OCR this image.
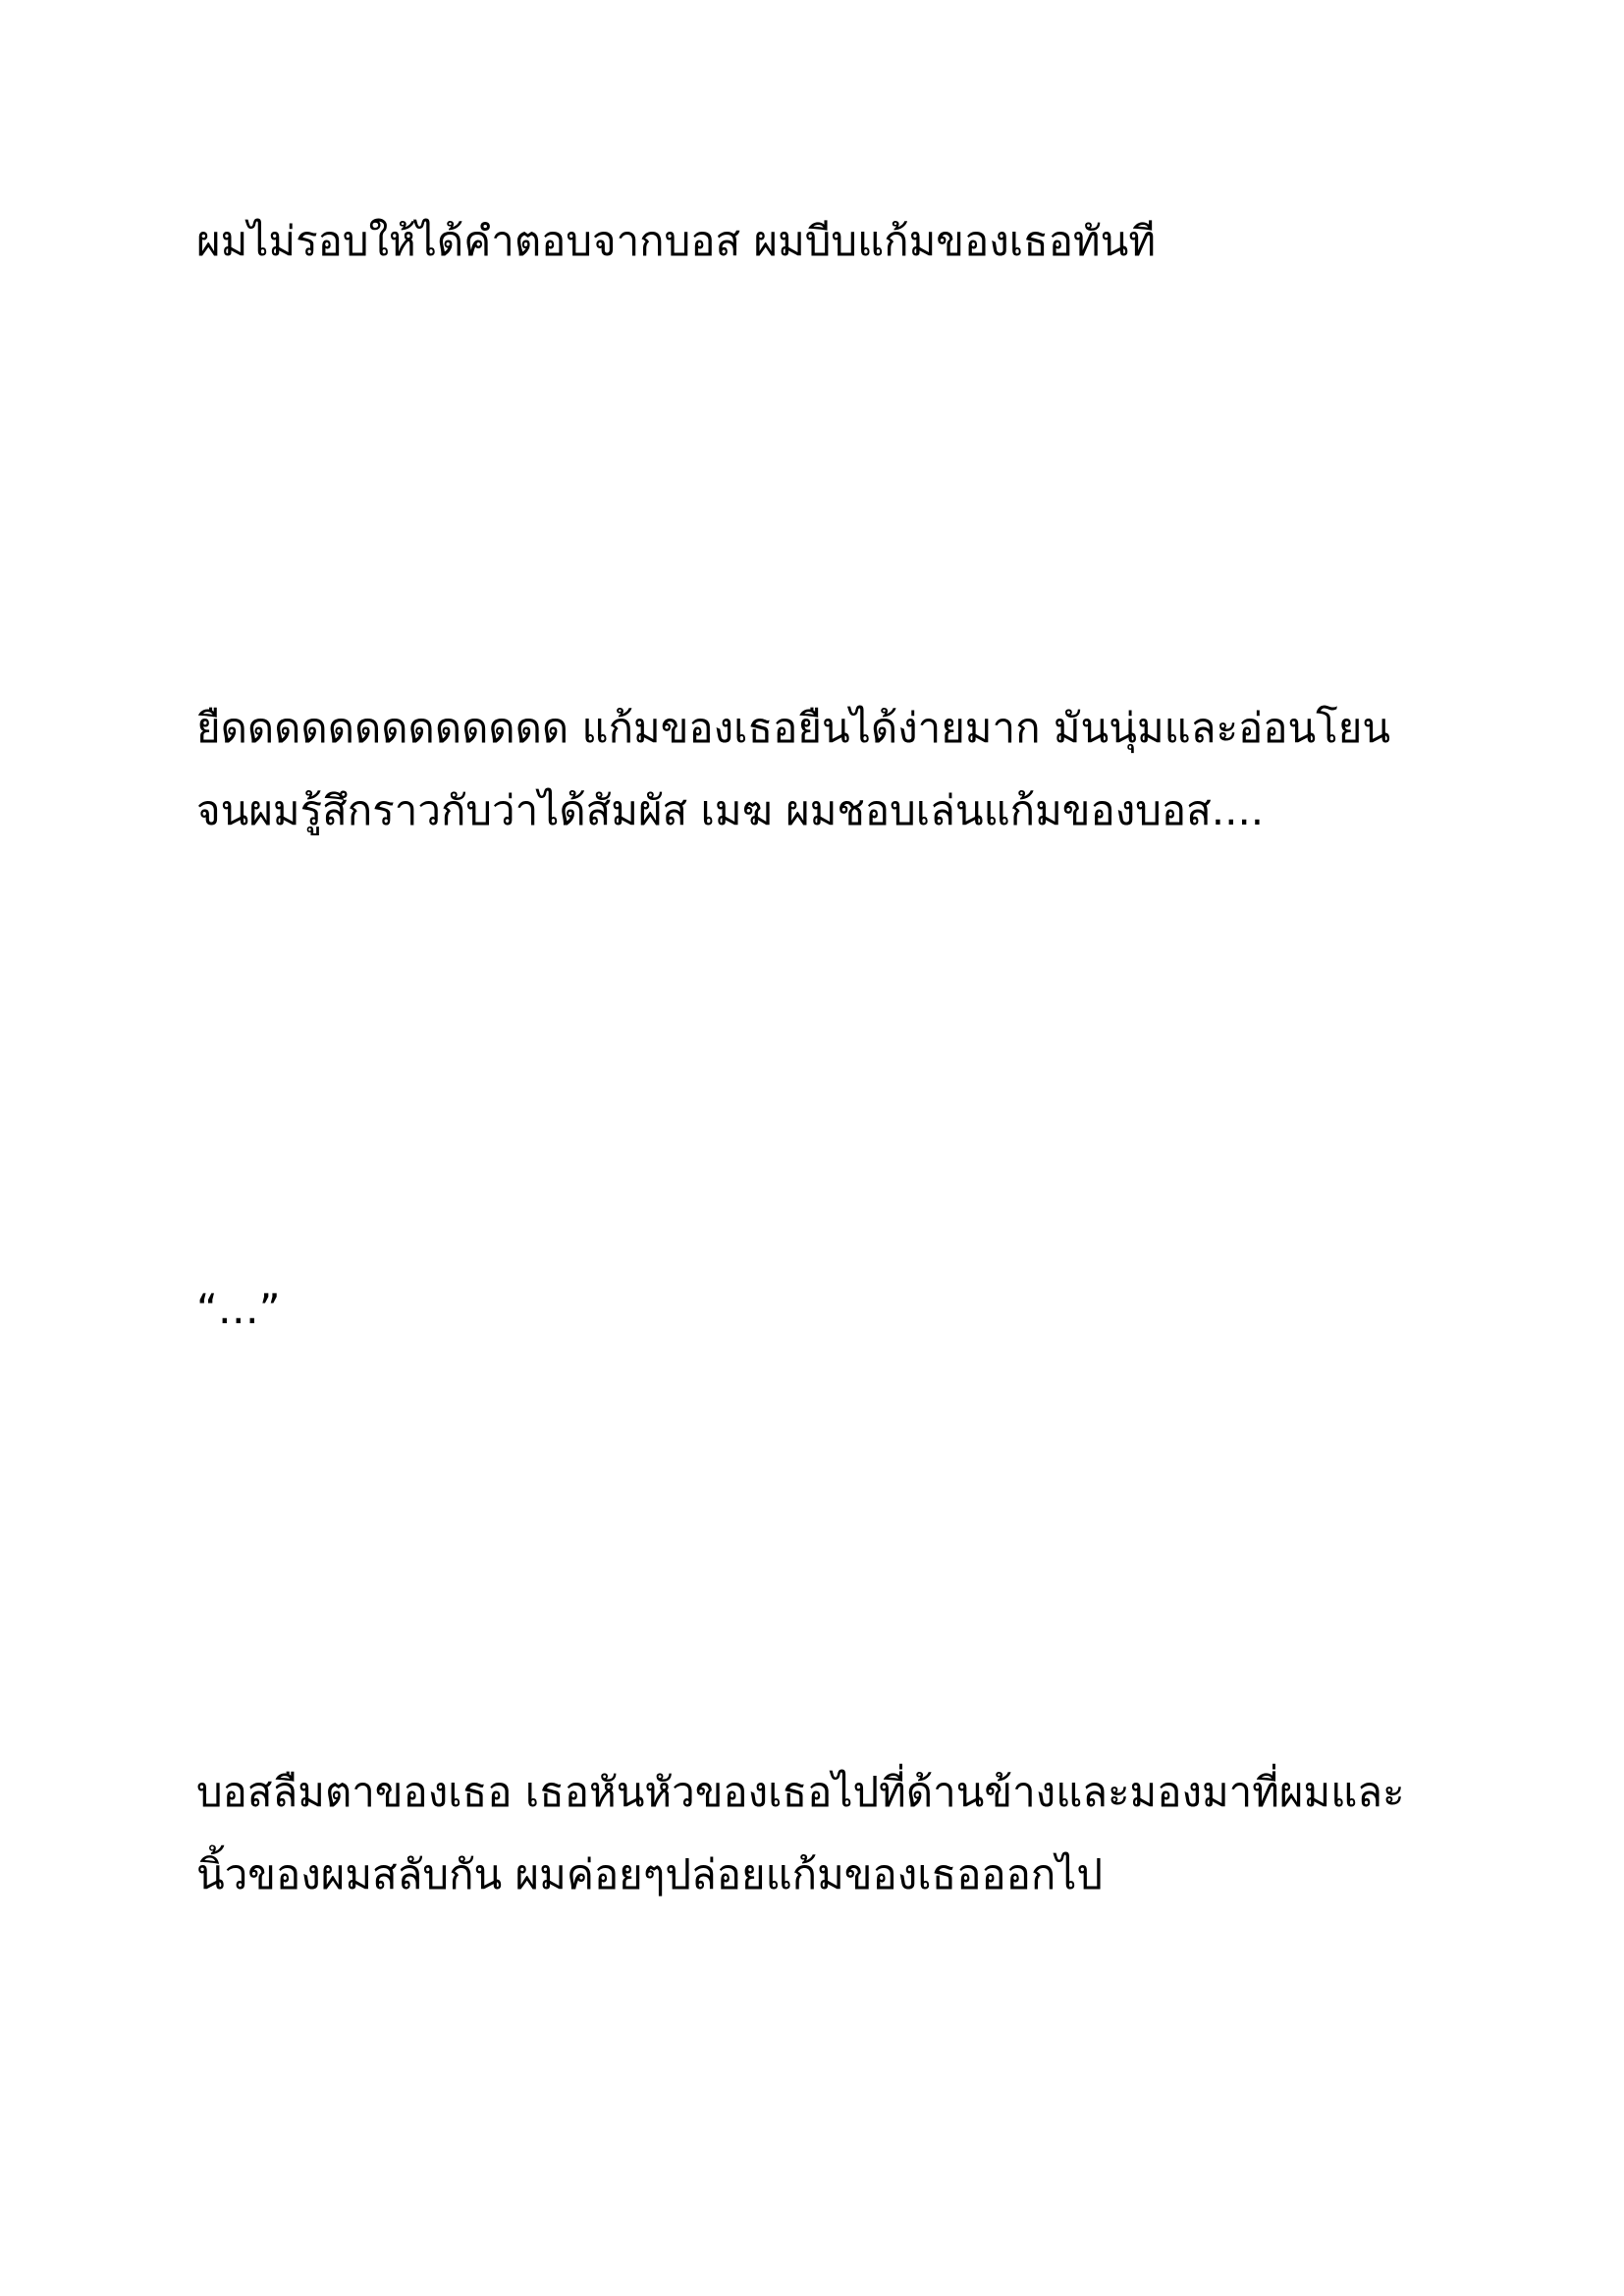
ผมไม่รอบให้ได้คำตอบจากบอส ผมบีบแก้มของเธอทันที

ยืดดดดดดดดดดดดด แก้มของเธอยืนได้ง่ายมาก มันนุ่มและอ่อนโยน
จนผมรู้สึกราวกับว่าได้สัมผัส เมฆ ผมชอบเล่นแก้มของบอส....

“…”

บอสลืมตาของเธอ เธอหันหัวของเธอไปที่ด้านข้างและมองมาที่ผมและ
นิ้วของผมสลับกัน ผมค่อยๆปล่อยแก้มของเธอออกไป
